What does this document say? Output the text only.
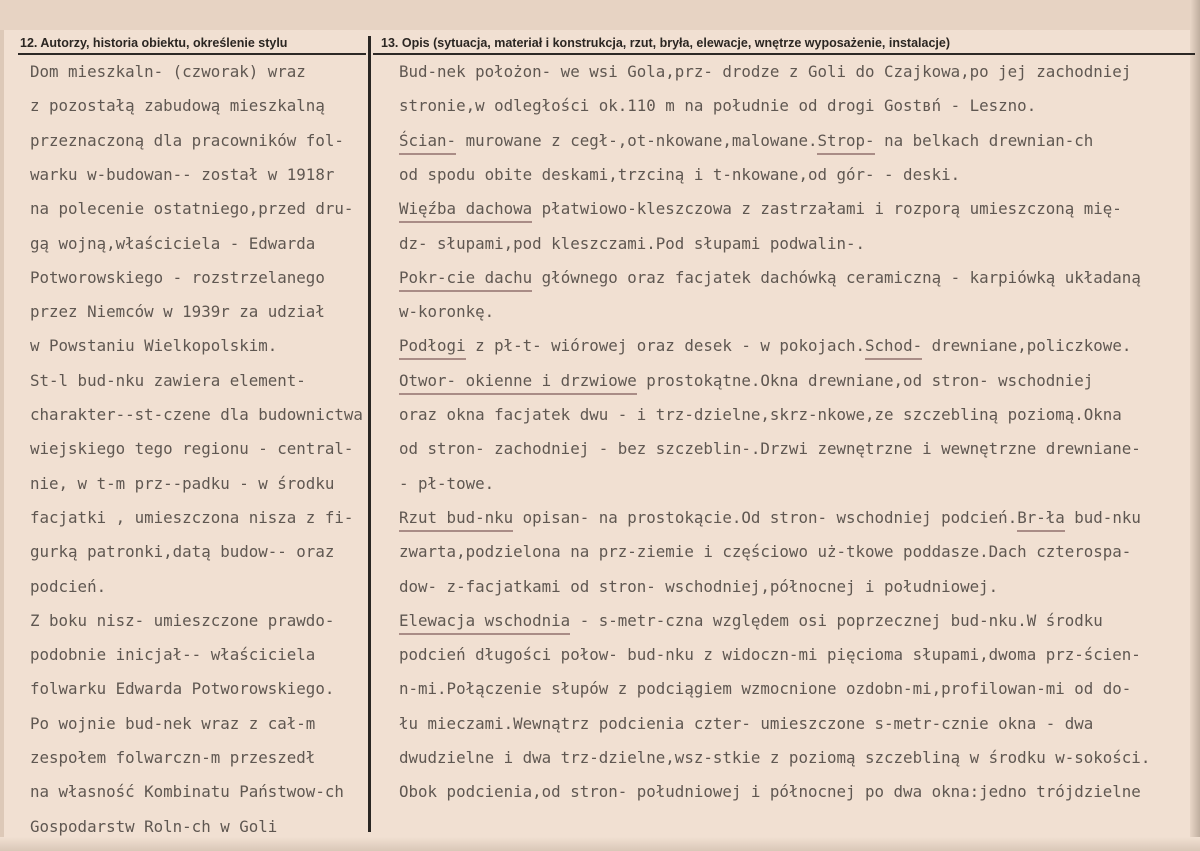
12. Autorzy, historia obiektu, określenie stylu	13. Opis (sytuacja, materiał i konstrukcja, rzut, bryła, elewacje, wnętrze wyposażenie, instalacje)
Dom mieszkaln- (czworak) wraz
z pozostałą zabudową mieszkalną
przeznaczoną dla pracowników fol-
warku w-budowan-- został w 1918r
na polecenie ostatniego,przed dru-
gą wojną,właściciela - Edwarda
Potworowskiego - rozstrzelanego
przez Niemców w 1939r za udział
w Powstaniu Wielkopolskim.
St-l bud-nku zawiera element-
charakter--st-czene dla budownictwa
wiejskiego tego regionu - central-
nie, w t-m prz--padku - w środku
facjatki , umieszczona nisza z fi-
gurką patronki,datą budow-- oraz
podcień.
Z boku nisz- umieszczone prawdo-
podobnie inicjał-- właściciela
folwarku Edwarda Potworowskiego.
Po wojnie bud-nek wraz z cał-m
zespołem folwarczn-m przeszedł
na własność Kombinatu Państwow-ch
Gospodarstw Roln-ch w Goli
Bud-nek położon- we wsi Gola,prz- drodze z Goli do Czajkowa,po jej zachodniej
stronie,w odległości ok.110 m na południe od drogi Gostвń - Leszno.
Ścian- murowane z cegł-,ot-nkowane,malowane.Strop- na belkach drewnian-ch
od spodu obite deskami,trzciną i t-nkowane,od gór- - deski.
Więźba dachowa płatwiowo-kleszczowa z zastrzałami i rozporą umieszczoną mię-
dz- słupami,pod kleszczami.Pod słupami podwalin-.
Pokr-cie dachu głównego oraz facjatek dachówką ceramiczną - karpiówką układaną
w-koronkę.
Podłogi z pł-t- wiórowej oraz desek - w pokojach.Schod- drewniane,policzkowe.
Otwor- okienne i drzwiowe prostokątne.Okna drewniane,od stron- wschodniej
oraz okna facjatek dwu - i trz-dzielne,skrz-nkowe,ze szczebliną poziomą.Okna
od stron- zachodniej - bez szczeblin-.Drzwi zewnętrzne i wewnętrzne drewniane-
- pł-towe.
Rzut bud-nku opisan- na prostokącie.Od stron- wschodniej podcień.Br-ła bud-nku
zwarta,podzielona na prz-ziemie i częściowo uż-tkowe poddasze.Dach czterospa-
dow- z-facjatkami od stron- wschodniej,północnej i południowej.
Elewacja wschodnia - s-metr-czna względem osi poprzecznej bud-nku.W środku
podcień długości połow- bud-nku z widoczn-mi pięcioma słupami,dwoma prz-ścien-
n-mi.Połączenie słupów z podciągiem wzmocnione ozdobn-mi,profilowan-mi od do-
łu mieczami.Wewnątrz podcienia czter- umieszczone s-metr-cznie okna - dwa
dwudzielne i dwa trz-dzielne,wsz-stkie z poziomą szczebliną w środku w-sokości.
Obok podcienia,od stron- południowej i północnej po dwa okna:jedno trójdzielne
